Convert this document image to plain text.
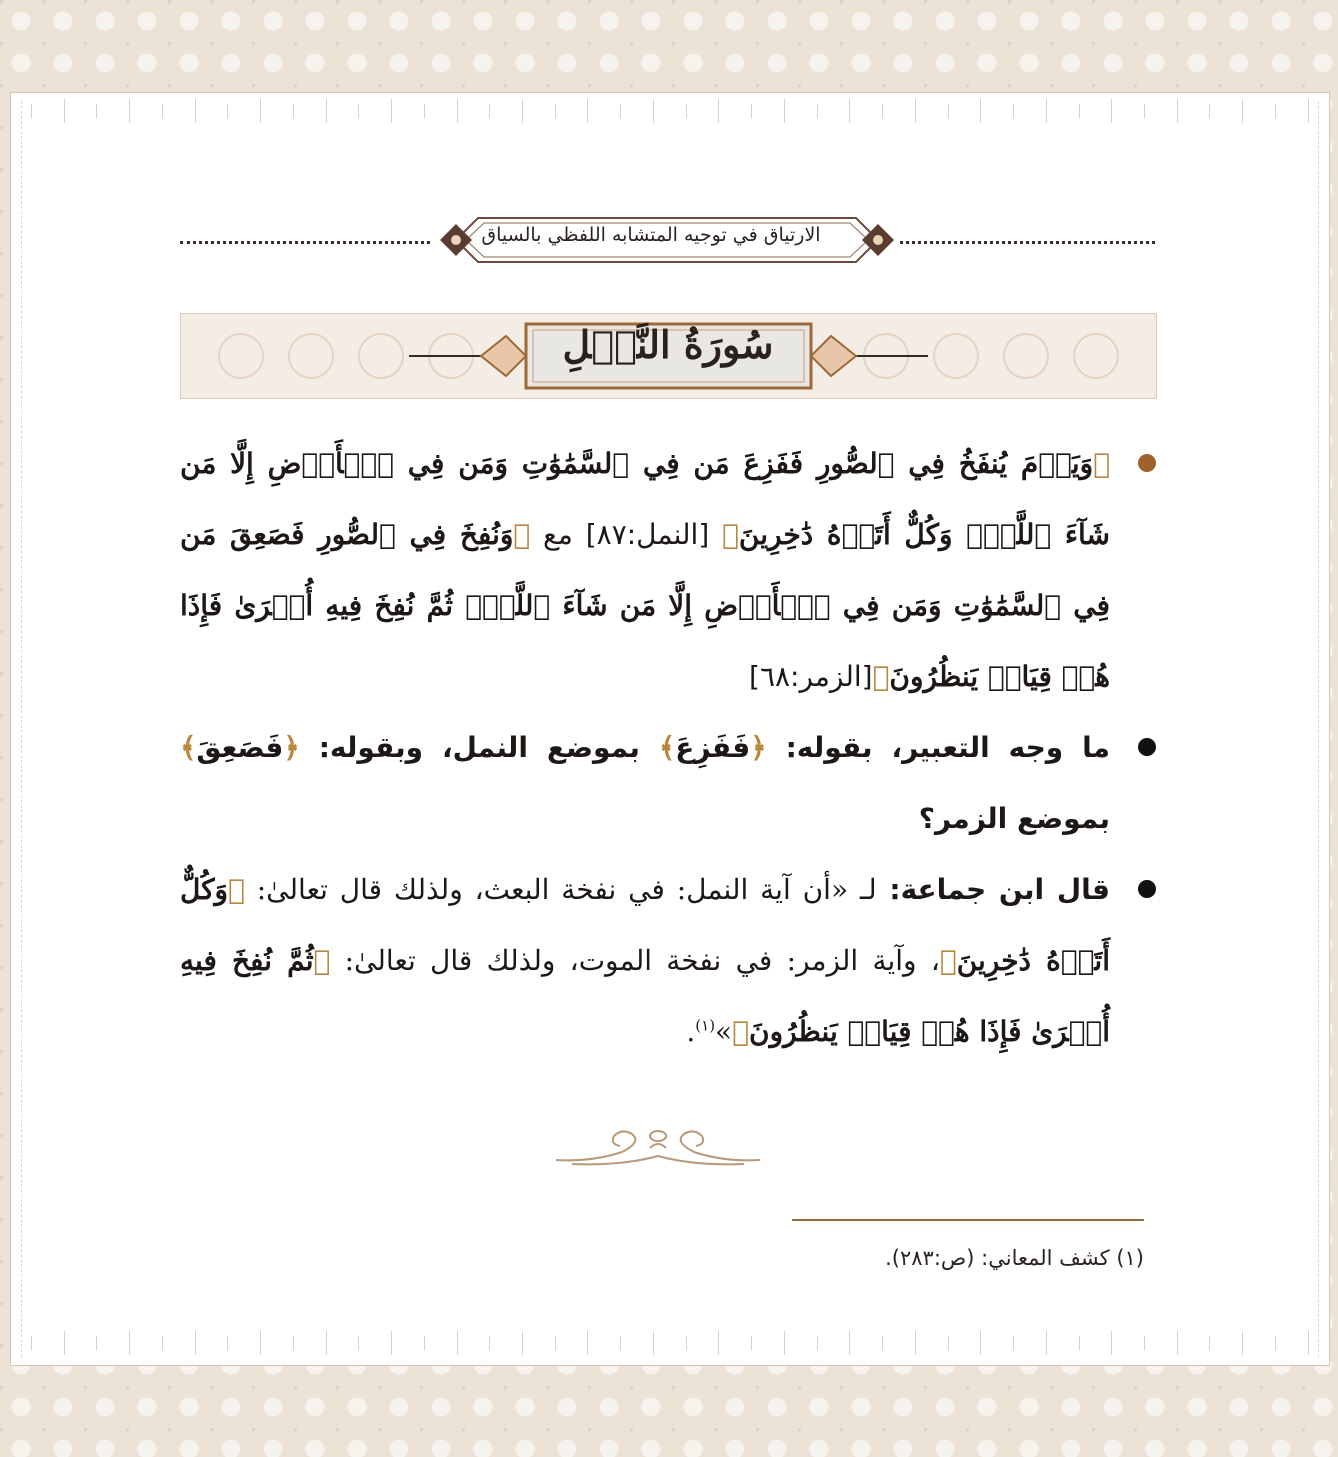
الارتياق في توجيه المتشابه اللفظي بالسياق
سُورَةُ النَّمۡلِ

﴿وَيَوۡمَ يُنفَخُ فِي ٱلصُّورِ فَفَزِعَ مَن فِي ٱلسَّمَٰوَٰتِ وَمَن فِي ٱلۡأَرۡضِ إِلَّا مَن شَآءَ ٱللَّهُۚ وَكُلٌّ أَتَوۡهُ دَٰخِرِينَ﴾ [النمل:٨٧] مع ﴿وَنُفِخَ فِي ٱلصُّورِ فَصَعِقَ مَن فِي ٱلسَّمَٰوَٰتِ وَمَن فِي ٱلۡأَرۡضِ إِلَّا مَن شَآءَ ٱللَّهُۖ ثُمَّ نُفِخَ فِيهِ أُخۡرَىٰ فَإِذَا هُمۡ قِيَامٞ يَنظُرُونَ﴾[الزمر:٦٨]

ما وجه التعبير، بقوله: ﴿فَفَزِعَ﴾ بموضع النمل، وبقوله: ﴿فَصَعِقَ﴾ بموضع الزمر؟

قال ابن جماعة: لـ «أن آية النمل: في نفخة البعث، ولذلك قال تعالىٰ: ﴿وَكُلٌّ أَتَوۡهُ دَٰخِرِينَ﴾، وآية الزمر: في نفخة الموت، ولذلك قال تعالىٰ: ﴿ثُمَّ نُفِخَ فِيهِ أُخۡرَىٰ فَإِذَا هُمۡ قِيَامٞ يَنظُرُونَ﴾»$^{(١)}$.

(١) كشف المعاني: (ص:٢٨٣).
